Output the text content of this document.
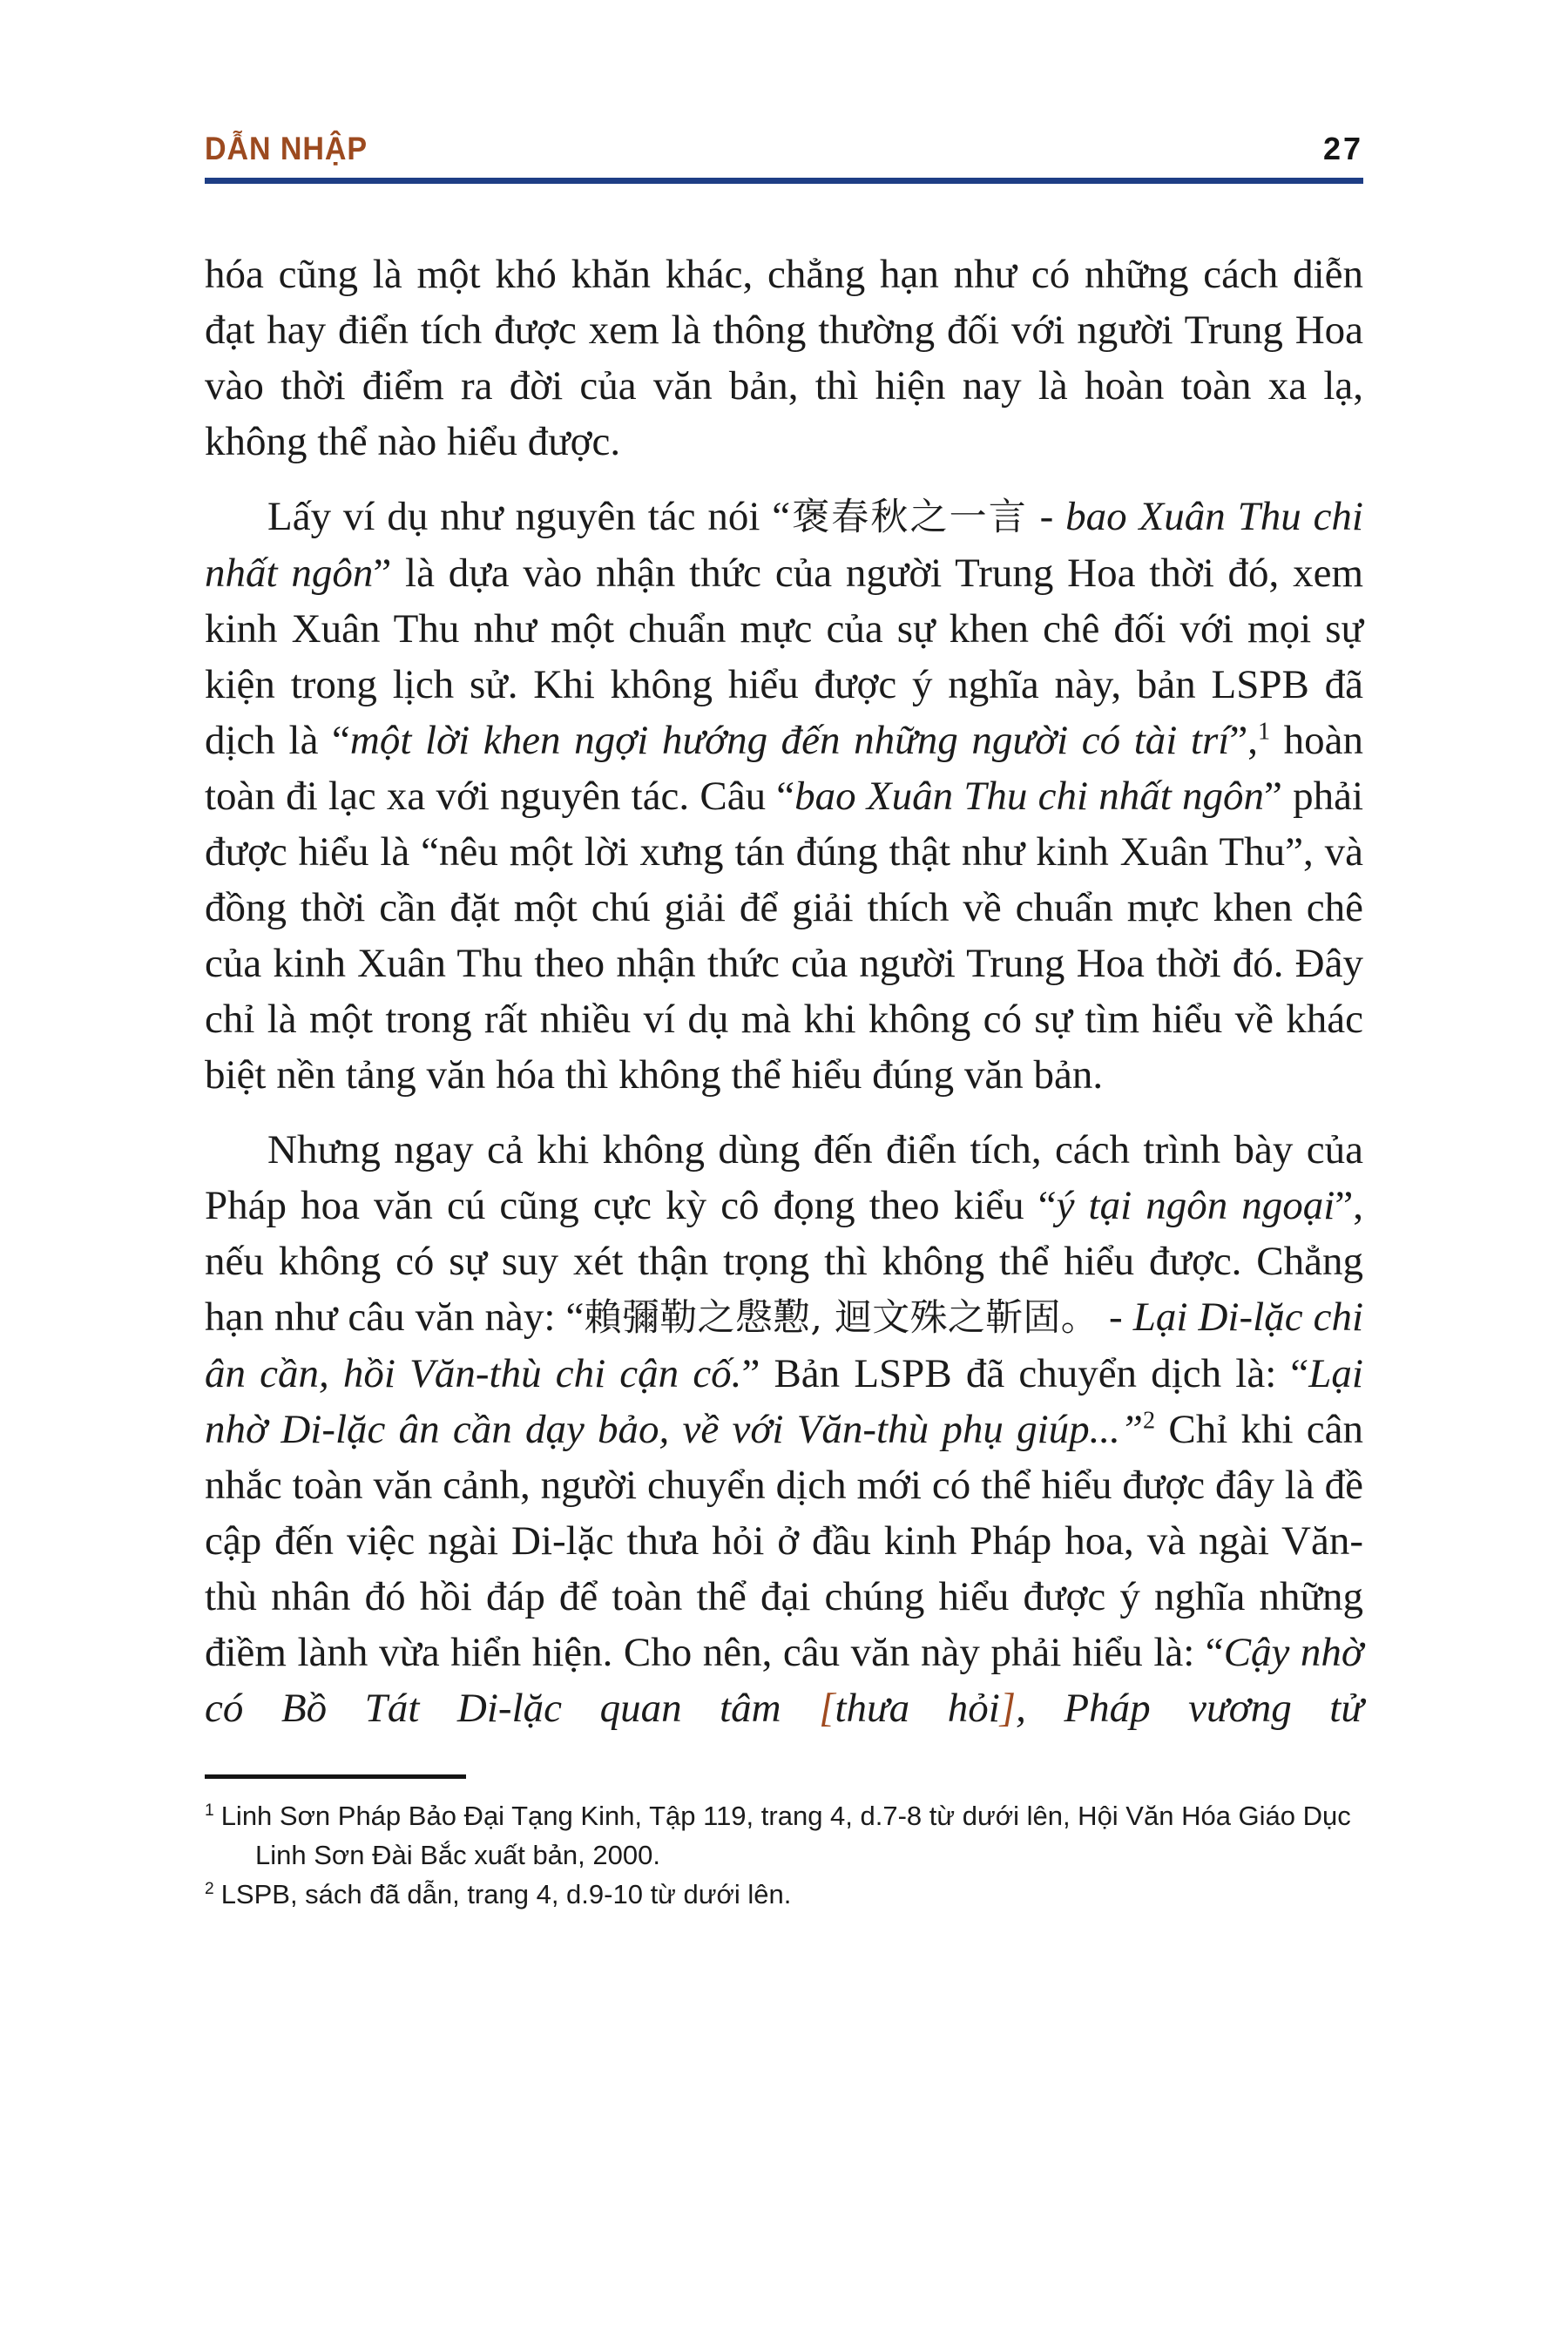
DẪN NHẬP	27

hóa cũng là một khó khăn khác, chẳng hạn như có những cách diễn đạt hay điển tích được xem là thông thường đối với người Trung Hoa vào thời điểm ra đời của văn bản, thì hiện nay là hoàn toàn xa lạ, không thể nào hiểu được.

Lấy ví dụ như nguyên tác nói “褒春秋之一言 - bao Xuân Thu chi nhất ngôn” là dựa vào nhận thức của người Trung Hoa thời đó, xem kinh Xuân Thu như một chuẩn mực của sự khen chê đối với mọi sự kiện trong lịch sử. Khi không hiểu được ý nghĩa này, bản LSPB đã dịch là “một lời khen ngợi hướng đến những người có tài trí”,$^1$ hoàn toàn đi lạc xa với nguyên tác. Câu “bao Xuân Thu chi nhất ngôn” phải được hiểu là “nêu một lời xưng tán đúng thật như kinh Xuân Thu”, và đồng thời cần đặt một chú giải để giải thích về chuẩn mực khen chê của kinh Xuân Thu theo nhận thức của người Trung Hoa thời đó. Đây chỉ là một trong rất nhiều ví dụ mà khi không có sự tìm hiểu về khác biệt nền tảng văn hóa thì không thể hiểu đúng văn bản.

Nhưng ngay cả khi không dùng đến điển tích, cách trình bày của Pháp hoa văn cú cũng cực kỳ cô đọng theo kiểu “ý tại ngôn ngoại”, nếu không có sự suy xét thận trọng thì không thể hiểu được. Chẳng hạn như câu văn này: “賴彌勒之慇懃, 迴文殊之靳固。 - Lại Di-lặc chi ân cần, hồi Văn-thù chi cận cố.” Bản LSPB đã chuyển dịch là: “Lại nhờ Di-lặc ân cần dạy bảo, về với Văn-thù phụ giúp...”$^2$ Chỉ khi cân nhắc toàn văn cảnh, người chuyển dịch mới có thể hiểu được đây là đề cập đến việc ngài Di-lặc thưa hỏi ở đầu kinh Pháp hoa, và ngài Văn-thù nhân đó hồi đáp để toàn thể đại chúng hiểu được ý nghĩa những điềm lành vừa hiển hiện. Cho nên, câu văn này phải hiểu là: “Cậy nhờ có Bồ Tát Di-lặc quan tâm [thưa hỏi], Pháp vương tử

$^1$ Linh Sơn Pháp Bảo Đại Tạng Kinh, Tập 119, trang 4, d.7-8 từ dưới lên, Hội Văn Hóa Giáo Dục Linh Sơn Đài Bắc xuất bản, 2000.

$^2$ LSPB, sách đã dẫn, trang 4, d.9-10 từ dưới lên.
